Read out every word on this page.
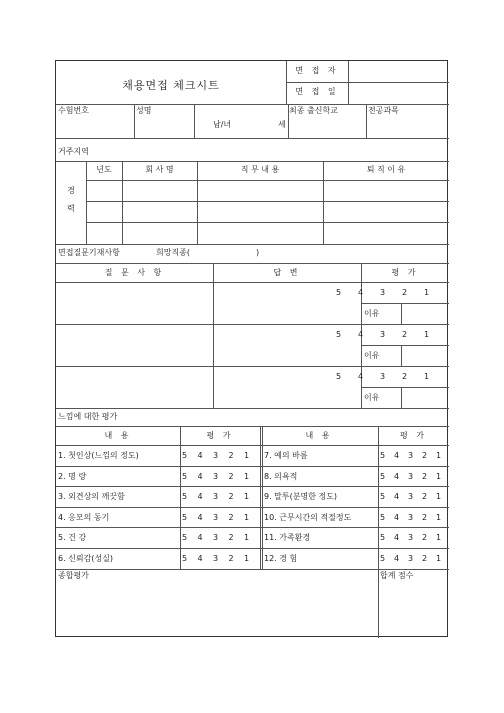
채용면접 체크시트
면 접 자
면 접 일
수험번호	성명
남/녀	세
최종 출신학교	전공과목
거주지역
경
력
년도	회 사 명	직 무 내 용	퇴 직 이 유
면접질문기재사항	희망직종(	)
질 문 사 항	답 변	평 가
5 4 3 2 1
이유
5 4 3 2 1
이유
5 4 3 2 1
이유
느낌에 대한 평가
내 용	평 가	내 용	평 가
1. 첫인상(느낌의 정도)	5 4 3 2 1	7. 예의 바름	5 4 3 2 1
2. 명 랑	5 4 3 2 1	8. 의욕적	5 4 3 2 1
3. 외견상의 깨끗함	5 4 3 2 1	9. 말투(분명한 정도)	5 4 3 2 1
4. 응모의 동기	5 4 3 2 1	10. 근무시간의 적절정도	5 4 3 2 1
5. 건 강	5 4 3 2 1	11. 가족환경	5 4 3 2 1
6. 신뢰감(성실)	5 4 3 2 1	12. 경 험	5 4 3 2 1
종합평가	합계 점수
